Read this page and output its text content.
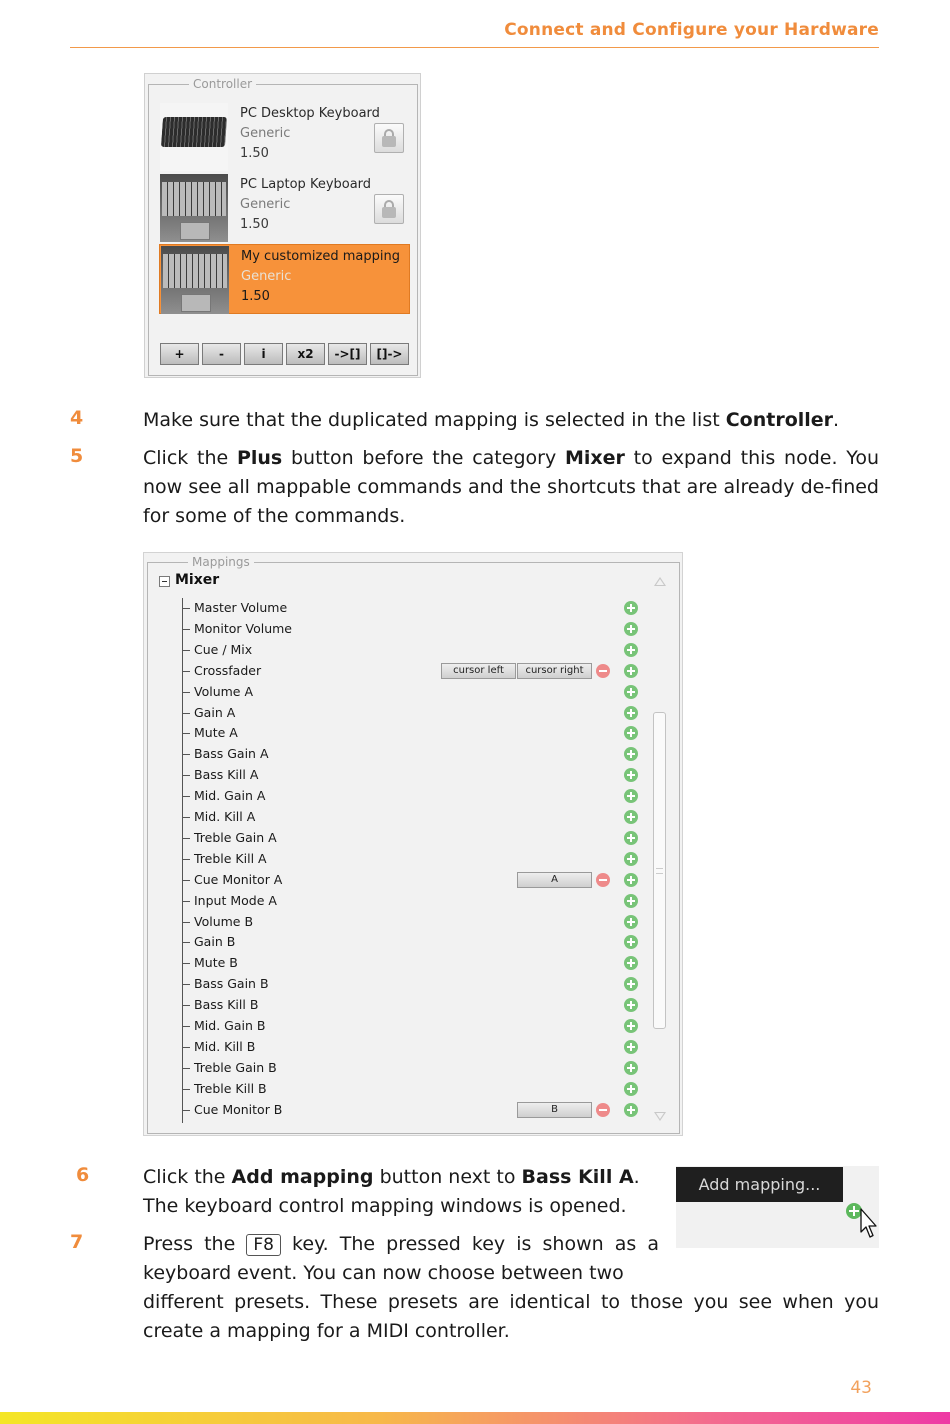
Connect and Configure your Hardware
Controller
PC Desktop Keyboard
Generic
1.50
PC Laptop Keyboard
Generic
1.50
My customized mapping
Generic
1.50
+	-	i	x2	->[]	[]->
4	Make sure that the duplicated mapping is selected in the list Controller.

5	Click the Plus button before the category Mixer to expand this node. You now see all mappable commands and the shortcuts that are already de-fined for some of the commands.

Mappings
Mixer
Master Volume
Monitor Volume
Cue / Mix
Crossfader	cursor left	cursor right
Volume A
Gain A
Mute A
Bass Gain A
Bass Kill A
Mid. Gain A
Mid. Kill A
Treble Gain A
Treble Kill A
Cue Monitor A	A
Input Mode A
Volume B
Gain B
Mute B
Bass Gain B
Bass Kill B
Mid. Gain B
Mid. Kill B
Treble Gain B
Treble Kill B
Cue Monitor B	B
6	Click the Add mapping button next to Bass Kill A. The keyboard control mapping windows is opened.

Add mapping...
7	Press the F8 key. The pressed key is shown as a keyboard event. You can now choose between two

different presets. These presets are identical to those you see when you create a mapping for a MIDI controller.

43
